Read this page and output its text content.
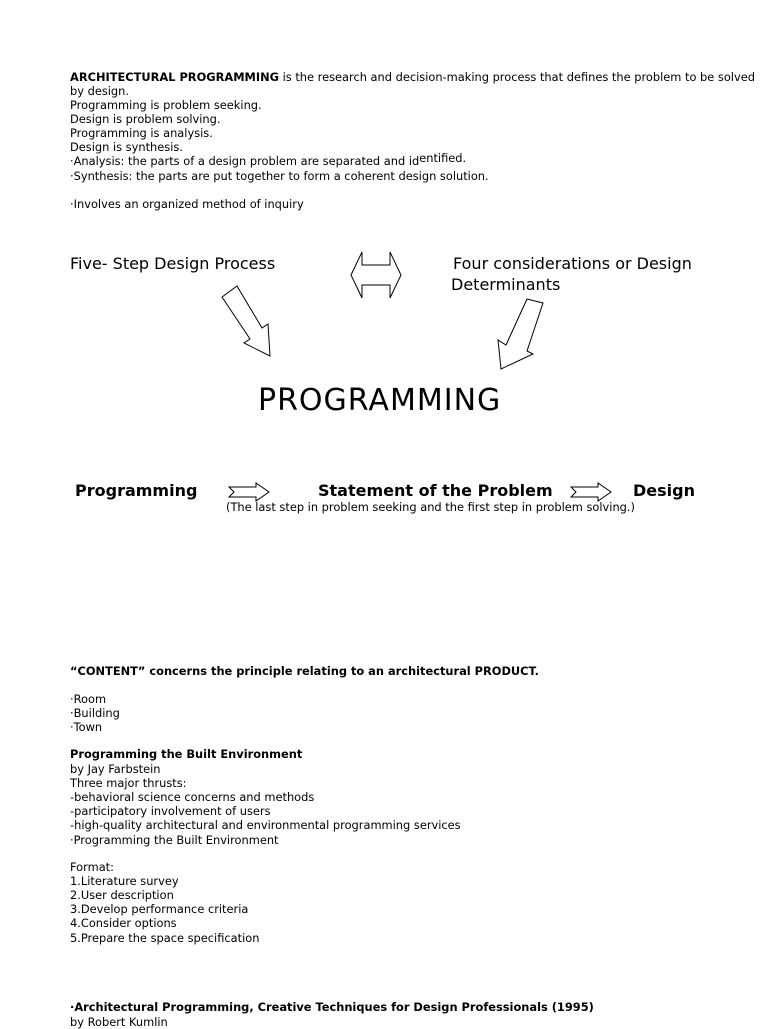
ARCHITECTURAL PROGRAMMING is the research and decision-making process that defines the problem to be solved
by design.
Programming is problem seeking.
Design is problem solving.
Programming is analysis.
Design is synthesis.
·Analysis: the parts of a design problem are separated and identified.
·Synthesis: the parts are put together to form a coherent design solution.
·Involves an organized method of inquiry
Five- Step Design Process	Four considerations or Design
Determinants
PROGRAMMING
Programming	Statement of the Problem	Design
(The last step in problem seeking and the first step in problem solving.)
“CONTENT” concerns the principle relating to an architectural PRODUCT.
·Room
·Building
·Town
Programming the Built Environment
by Jay Farbstein
Three major thrusts:
-behavioral science concerns and methods
-participatory involvement of users
-high-quality architectural and environmental programming services
·Programming the Built Environment
Format:
1.Literature survey
2.User description
3.Develop performance criteria
4.Consider options
5.Prepare the space specification
·Architectural Programming, Creative Techniques for Design Professionals (1995)
by Robert Kumlin
